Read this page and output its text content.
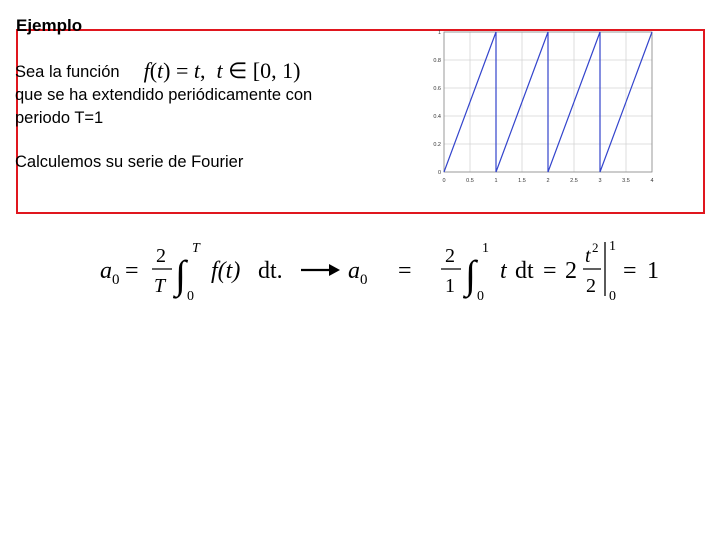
Ejemplo
Sea la función f(t) = t,  t ∈ [0, 1)
que se ha extendido periódicamente con
periodo T=1
Calculemos su serie de Fourier
0	0.5	1	1.5	2	2.5	3	3.5	4
0
0.2
0.4
0.6
0.8
1
a 0 =
2
T ∫
T
0
f(t) dt.	a 0 =
2
1 ∫
1
0
t dt = 2
t 2
2
1
0
= 1
